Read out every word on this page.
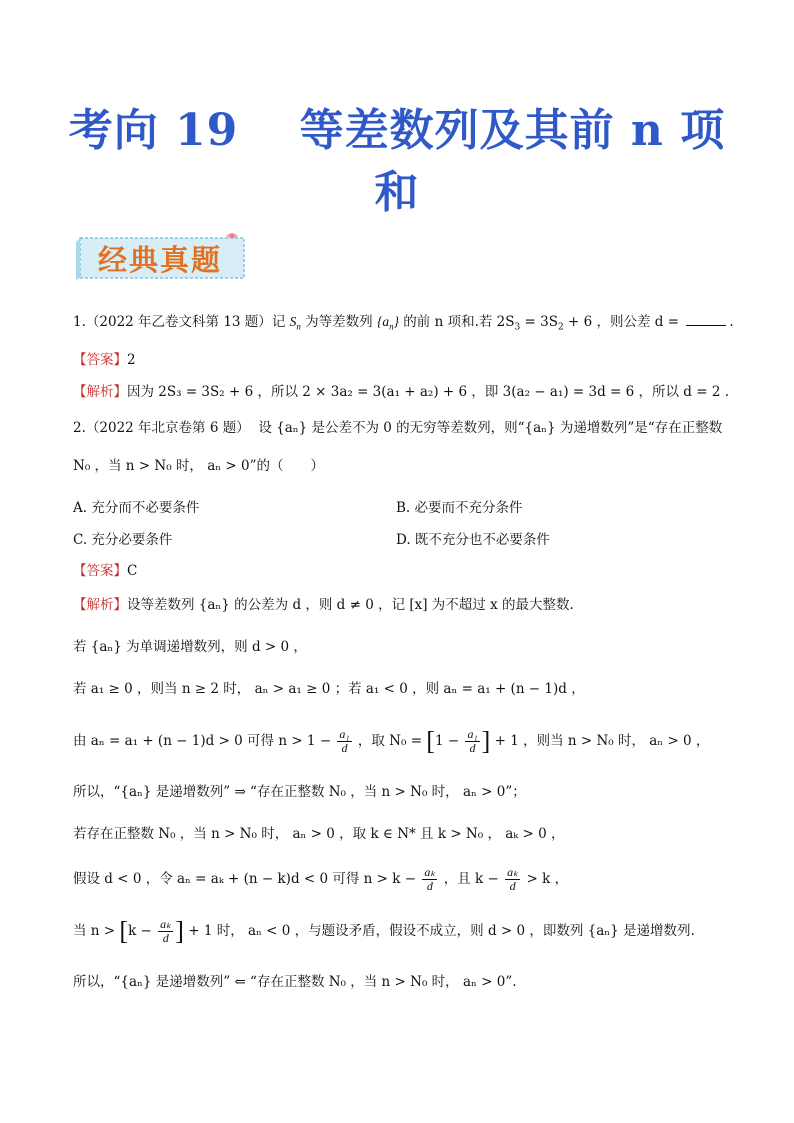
考向 19　 等差数列及其前 n 项
和
经典真题
1.（2022 年乙卷文科第 13 题）记 $S_n$ 为等差数列 $\{a_n\}$ 的前 n 项和.若 $2S_3 = 3S_2 + 6$ ，则公差 d =	.
【答案】2
【解析】因为 2S₃ = 3S₂ + 6 ，所以 2 × 3a₂ = 3(a₁ + a₂) + 6 ，即 3(a₂ − a₁) = 3d = 6 ，所以 d = 2 .
2.（2022 年北京卷第 6 题） 设 {aₙ} 是公差不为 0 的无穷等差数列，则“{aₙ} 为递增数列”是“存在正整数
N₀ ，当 n > N₀ 时， aₙ > 0”的（　　）
A. 充分而不必要条件	B. 必要而不充分条件
C. 充分必要条件	D. 既不充分也不必要条件
【答案】C
【解析】设等差数列 {aₙ} 的公差为 d ，则 d ≠ 0 ，记 [x] 为不超过 x 的最大整数.
若 {aₙ} 为单调递增数列，则 d > 0 ，
若 a₁ ≥ 0 ，则当 n ≥ 2 时， aₙ > a₁ ≥ 0 ；若 a₁ < 0 ，则 aₙ = a₁ + (n − 1)d ，
由 aₙ = a₁ + (n − 1)d > 0 可得 $n > 1 - \frac{\text{a₁}}{d}$ ，取 $N_0 = [1 - \frac{\text{a₁}}{d}$ ] + 1 ，则当 n > N₀ 时， aₙ > 0 ，
所以，“{aₙ} 是递增数列” ⇒ “存在正整数 N₀ ，当 n > N₀ 时， aₙ > 0”；
若存在正整数 N₀ ，当 n > N₀ 时， aₙ > 0 ，取 k ∈ N* 且 k > N₀ ， aₖ > 0 ，
假设 d < 0 ，令 aₙ = aₖ + (n − k)d < 0 可得 $n > k - \frac{\text{aₖ}}{d}$ ，且 $k - \frac{\text{aₖ}}{d} > k$ ，
当 $n > [k - \frac{\text{aₖ}}{d}$ ] + 1 时， aₙ < 0 ，与题设矛盾，假设不成立，则 d > 0 ，即数列 {aₙ} 是递增数列.
所以，“{aₙ} 是递增数列” ⇐ “存在正整数 N₀ ，当 n > N₀ 时， aₙ > 0”.
